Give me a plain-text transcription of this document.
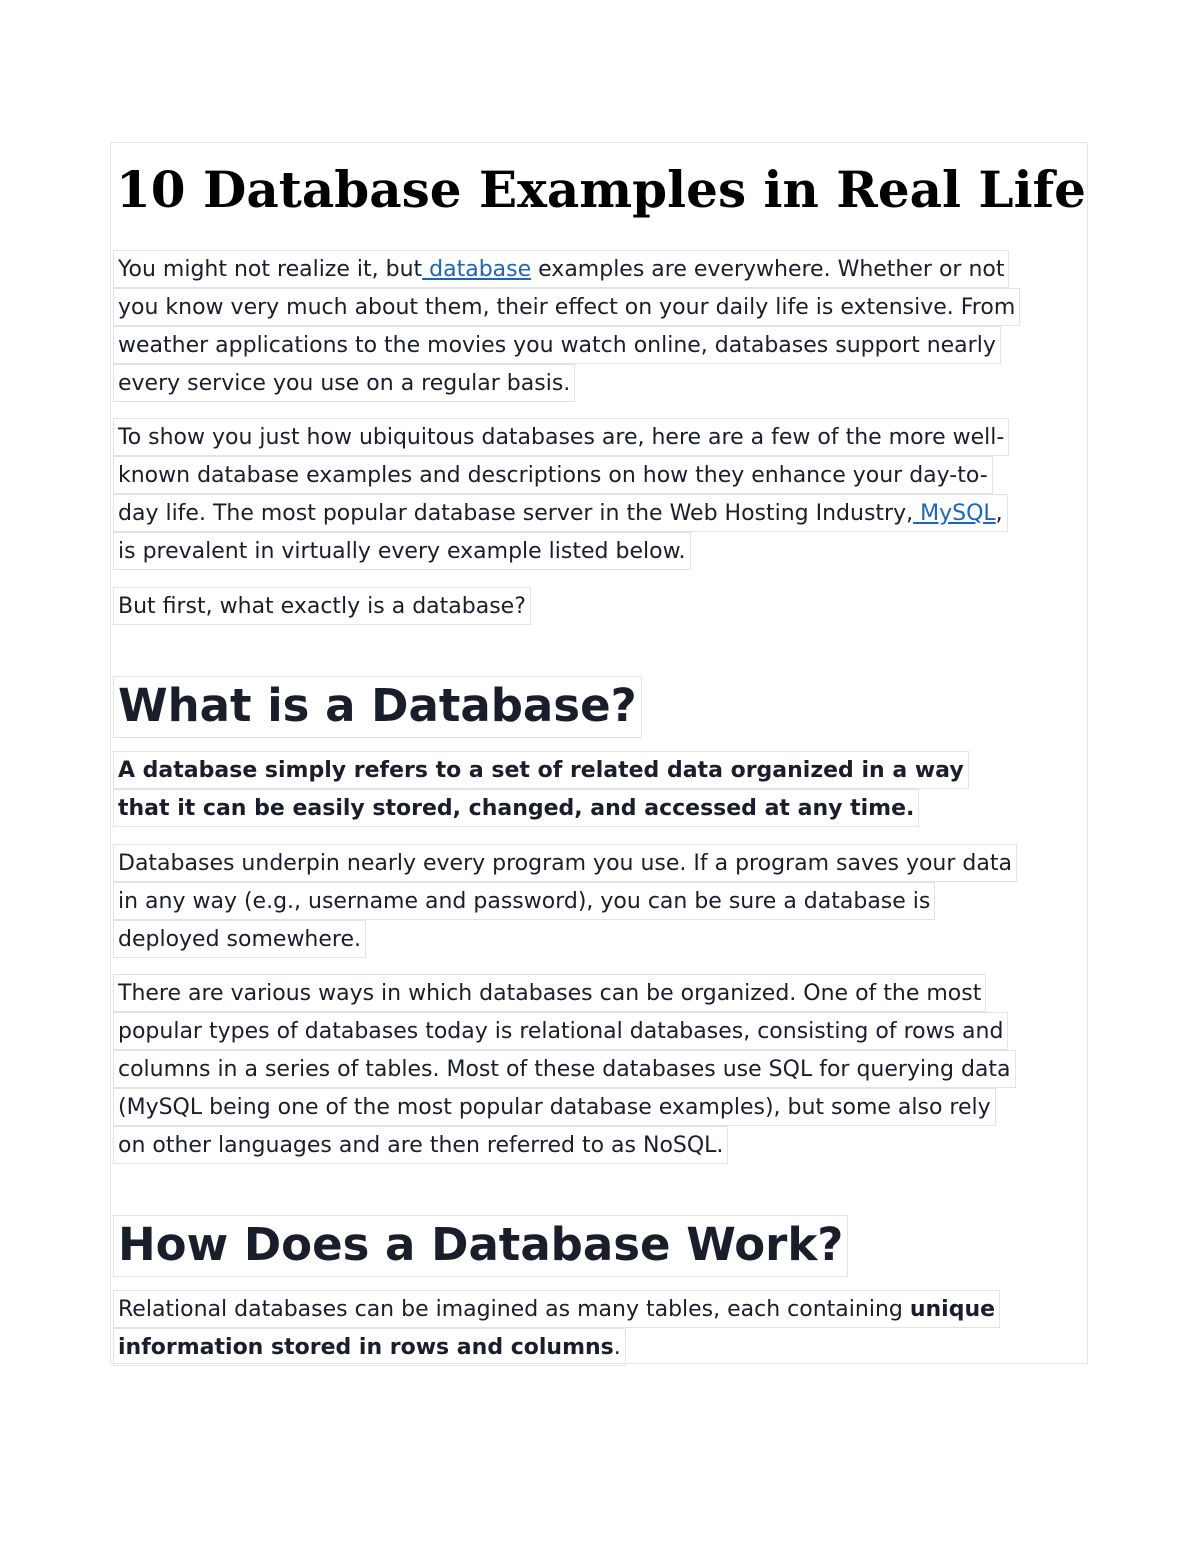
10 Database Examples in Real Life
You might not realize it, but database examples are everywhere. Whether or not
you know very much about them, their effect on your daily life is extensive. From
weather applications to the movies you watch online, databases support nearly
every service you use on a regular basis.
To show you just how ubiquitous databases are, here are a few of the more well-
known database examples and descriptions on how they enhance your day-to-
day life. The most popular database server in the Web Hosting Industry, MySQL,
is prevalent in virtually every example listed below.
But first, what exactly is a database?
What is a Database?
A database simply refers to a set of related data organized in a way
that it can be easily stored, changed, and accessed at any time.
Databases underpin nearly every program you use. If a program saves your data
in any way (e.g., username and password), you can be sure a database is
deployed somewhere.
There are various ways in which databases can be organized. One of the most
popular types of databases today is relational databases, consisting of rows and
columns in a series of tables. Most of these databases use SQL for querying data
(MySQL being one of the most popular database examples), but some also rely
on other languages and are then referred to as NoSQL.
How Does a Database Work?
Relational databases can be imagined as many tables, each containing unique
information stored in rows and columns.
